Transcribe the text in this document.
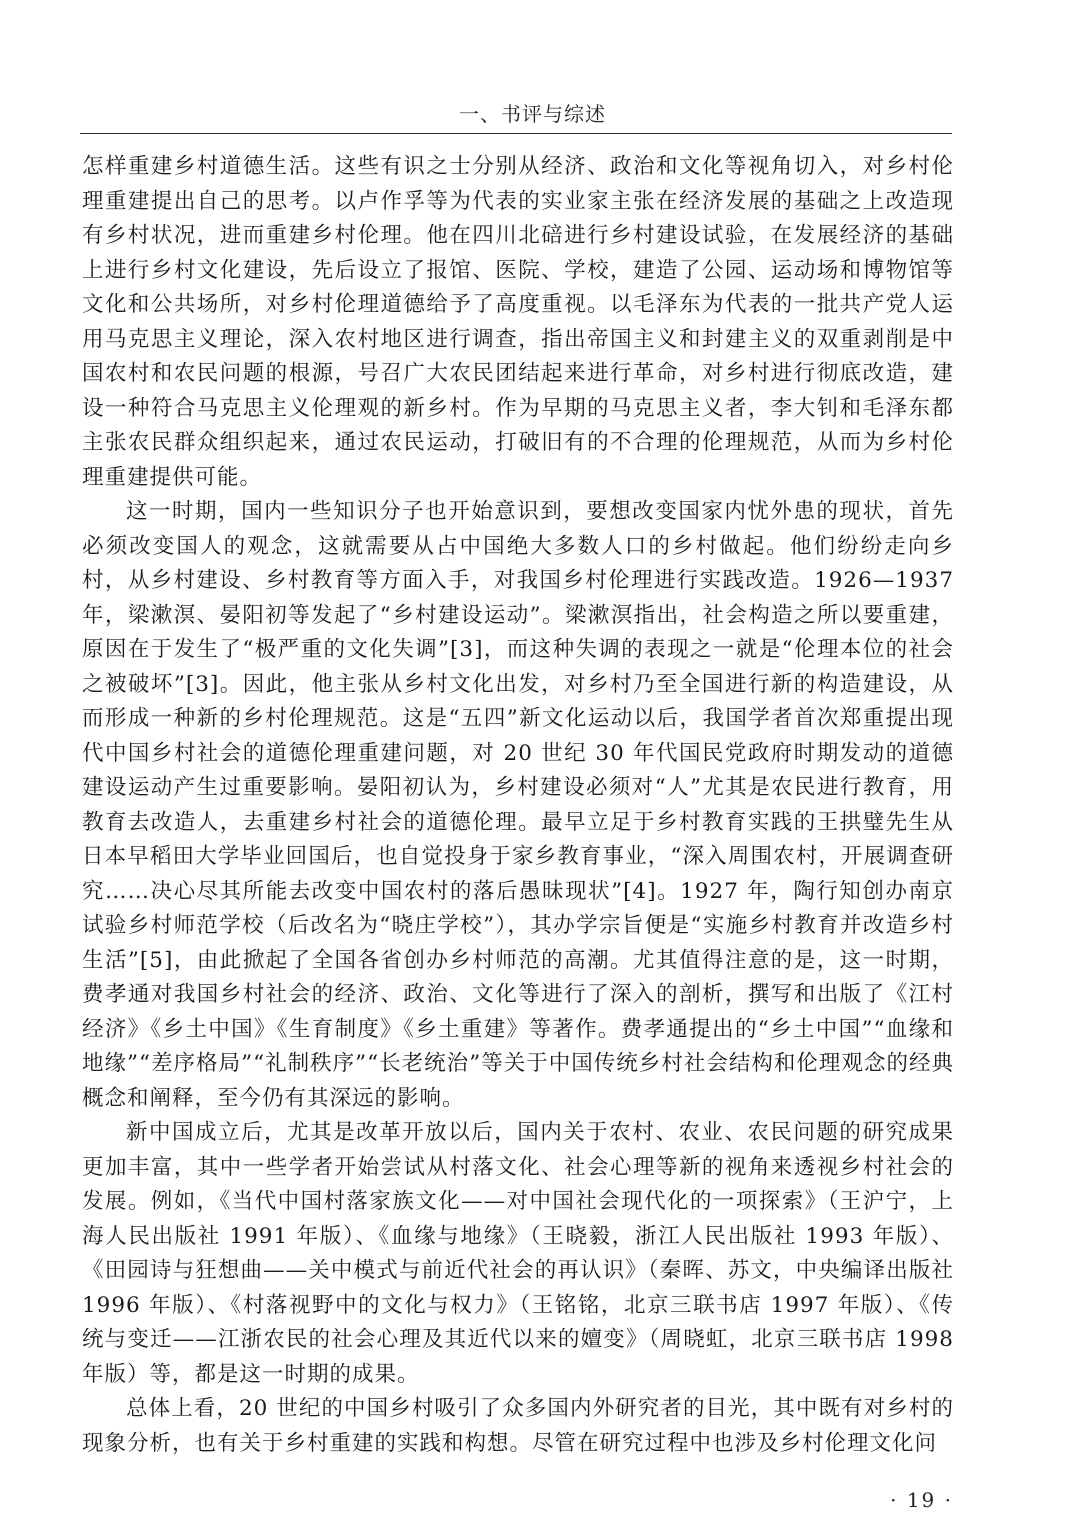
一、书评与综述

怎样重建乡村道德生活。这些有识之士分别从经济、政治和文化等视角切入，对乡村伦理重建提出自己的思考。以卢作孚等为代表的实业家主张在经济发展的基础之上改造现有乡村状况，进而重建乡村伦理。他在四川北碚进行乡村建设试验，在发展经济的基础上进行乡村文化建设，先后设立了报馆、医院、学校，建造了公园、运动场和博物馆等文化和公共场所，对乡村伦理道德给予了高度重视。以毛泽东为代表的一批共产党人运用马克思主义理论，深入农村地区进行调查，指出帝国主义和封建主义的双重剥削是中国农村和农民问题的根源，号召广大农民团结起来进行革命，对乡村进行彻底改造，建设一种符合马克思主义伦理观的新乡村。作为早期的马克思主义者，李大钊和毛泽东都主张农民群众组织起来，通过农民运动，打破旧有的不合理的伦理规范，从而为乡村伦理重建提供可能。

这一时期，国内一些知识分子也开始意识到，要想改变国家内忧外患的现状，首先必须改变国人的观念，这就需要从占中国绝大多数人口的乡村做起。他们纷纷走向乡村，从乡村建设、乡村教育等方面入手，对我国乡村伦理进行实践改造。1926—1937 年，梁漱溟、晏阳初等发起了“乡村建设运动”。梁漱溟指出，社会构造之所以要重建，原因在于发生了“极严重的文化失调”[3]，而这种失调的表现之一就是“伦理本位的社会之被破坏”[3]。因此，他主张从乡村文化出发，对乡村乃至全国进行新的构造建设，从而形成一种新的乡村伦理规范。这是“五四”新文化运动以后，我国学者首次郑重提出现代中国乡村社会的道德伦理重建问题，对 20 世纪 30 年代国民党政府时期发动的道德建设运动产生过重要影响。晏阳初认为，乡村建设必须对“人”尤其是农民进行教育，用教育去改造人，去重建乡村社会的道德伦理。最早立足于乡村教育实践的王拱璧先生从日本早稻田大学毕业回国后，也自觉投身于家乡教育事业，“深入周围农村，开展调查研究……决心尽其所能去改变中国农村的落后愚昧现状”[4]。1927 年，陶行知创办南京试验乡村师范学校（后改名为“晓庄学校”），其办学宗旨便是“实施乡村教育并改造乡村生活”[5]，由此掀起了全国各省创办乡村师范的高潮。尤其值得注意的是，这一时期，费孝通对我国乡村社会的经济、政治、文化等进行了深入的剖析，撰写和出版了《江村经济》《乡土中国》《生育制度》《乡土重建》等著作。费孝通提出的“乡土中国”“血缘和地缘”“差序格局”“礼制秩序”“长老统治”等关于中国传统乡村社会结构和伦理观念的经典概念和阐释，至今仍有其深远的影响。

新中国成立后，尤其是改革开放以后，国内关于农村、农业、农民问题的研究成果更加丰富，其中一些学者开始尝试从村落文化、社会心理等新的视角来透视乡村社会的发展。例如，《当代中国村落家族文化——对中国社会现代化的一项探索》（王沪宁，上海人民出版社 1991 年版）、《血缘与地缘》（王晓毅，浙江人民出版社 1993 年版）、《田园诗与狂想曲——关中模式与前近代社会的再认识》（秦晖、苏文，中央编译出版社 1996 年版）、《村落视野中的文化与权力》（王铭铭，北京三联书店 1997 年版）、《传统与变迁——江浙农民的社会心理及其近代以来的嬗变》（周晓虹，北京三联书店 1998 年版）等，都是这一时期的成果。

总体上看，20 世纪的中国乡村吸引了众多国内外研究者的目光，其中既有对乡村的现象分析，也有关于乡村重建的实践和构想。尽管在研究过程中也涉及乡村伦理文化问

· 19 ·
